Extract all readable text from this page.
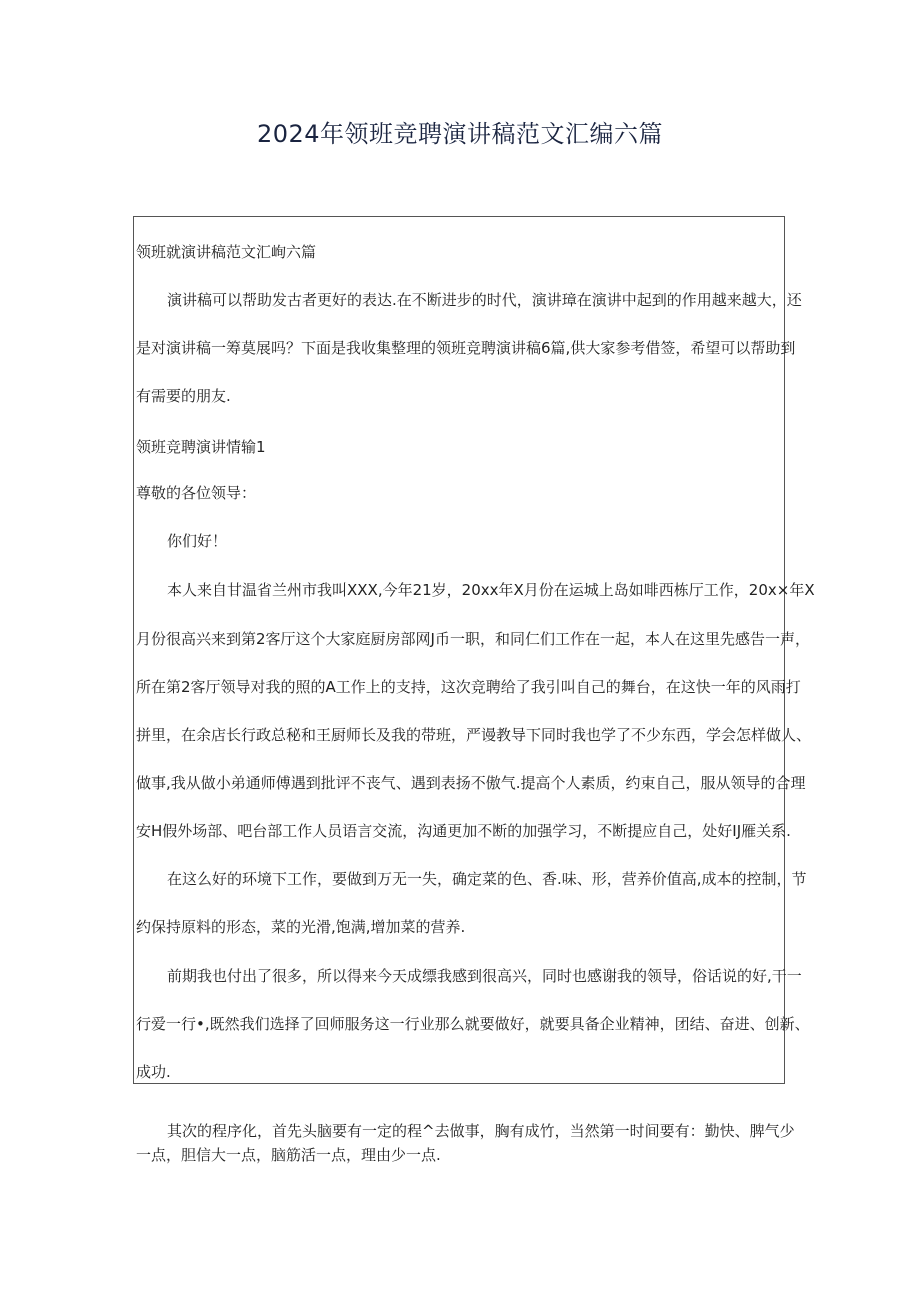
2024年领班竞聘演讲稿范文汇编六篇
领班就演讲稿范文汇峋六篇
演讲稿可以帮助发古者更好的表达.在不断进步的时代，演讲璋在演讲中起到的作用越来越大，还
是对演讲稿一筹莫展吗？下面是我收集整理的领班竞聘演讲稿6篇,供大家参考借签，希望可以帮助到
有需要的朋友.
领班竞聘演讲情输1
尊敬的各位领导：
你们好！
本人来自甘温省兰州市我叫XXX,今年21岁，20xx年X月份在运城上岛如啡西栋厅工作，20x×年X
月份很高兴来到第2客厅这个大家庭厨房部网J币一职，和同仁们工作在一起，本人在这里先感告一声，
所在第2客厅领导对我的照的A工作上的支持，这次竞聘给了我引叫自己的舞台，在这快一年的风雨打
拼里，在余店长行政总秘和王厨师长及我的带班，严谩教导下同时我也学了不少东西，学会怎样做人、
做事,我从做小弟通师傅遇到批评不丧气、遇到表扬不傲气.提高个人素质，约束自己，服从领导的合理
安H假外场部、吧台部工作人员语言交流，沟通更加不断的加强学习，不断提应自己，处好IJ雁关系.
在这么好的环境下工作，要做到万无一失，确定菜的色、香.味、形，营养价值高,成本的控制，节
约保持原料的形态，菜的光滑,饱满,增加菜的营养.
前期我也付出了很多，所以得来今天成缥我感到很高兴，同时也感谢我的领导，俗话说的好,干一
行爱一行•,既然我们选择了回师服务这一行业那么就要做好，就要具备企业精神，团结、奋进、创新、
成功.
其次的程序化，首先头脑要有一定的程^去做事，胸有成竹，当然第一时间要有：勤快、脾气少
一点，胆信大一点，脑筋活一点，理由少一点.
